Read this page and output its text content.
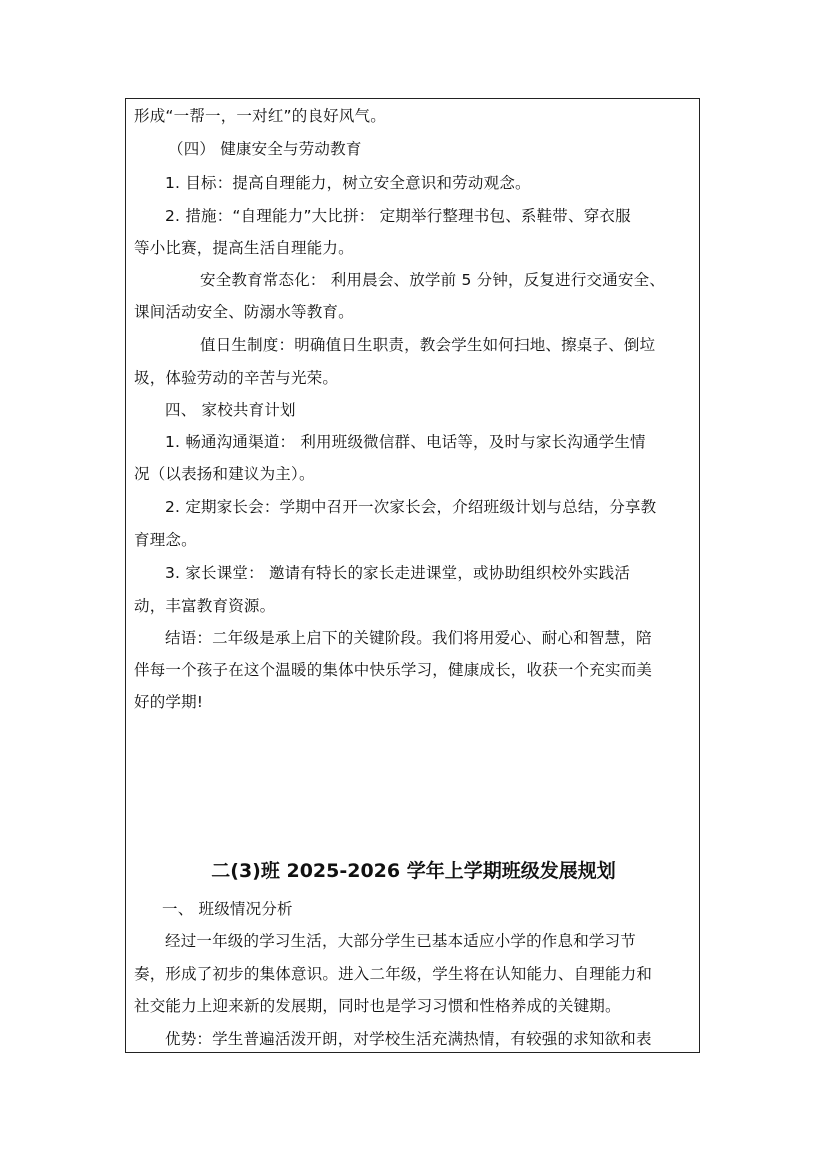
形成“一帮一，一对红”的良好风气。
（四） 健康安全与劳动教育
1. 目标：提高自理能力，树立安全意识和劳动观念。
2. 措施：“自理能力”大比拼： 定期举行整理书包、系鞋带、穿衣服
等小比赛，提高生活自理能力。
安全教育常态化： 利用晨会、放学前 5 分钟，反复进行交通安全、
课间活动安全、防溺水等教育。
值日生制度：明确值日生职责，教会学生如何扫地、擦桌子、倒垃
圾，体验劳动的辛苦与光荣。
四、 家校共育计划
1. 畅通沟通渠道： 利用班级微信群、电话等，及时与家长沟通学生情
况（以表扬和建议为主）。
2. 定期家长会：学期中召开一次家长会，介绍班级计划与总结，分享教
育理念。
3. 家长课堂： 邀请有特长的家长走进课堂，或协助组织校外实践活
动，丰富教育资源。
结语：二年级是承上启下的关键阶段。我们将用爱心、耐心和智慧，陪
伴每一个孩子在这个温暖的集体中快乐学习，健康成长，收获一个充实而美
好的学期!
二(3)班 2025-2026 学年上学期班级发展规划
一、 班级情况分析
经过一年级的学习生活，大部分学生已基本适应小学的作息和学习节
奏，形成了初步的集体意识。进入二年级，学生将在认知能力、自理能力和
社交能力上迎来新的发展期，同时也是学习习惯和性格养成的关键期。
优势：学生普遍活泼开朗，对学校生活充满热情，有较强的求知欲和表
